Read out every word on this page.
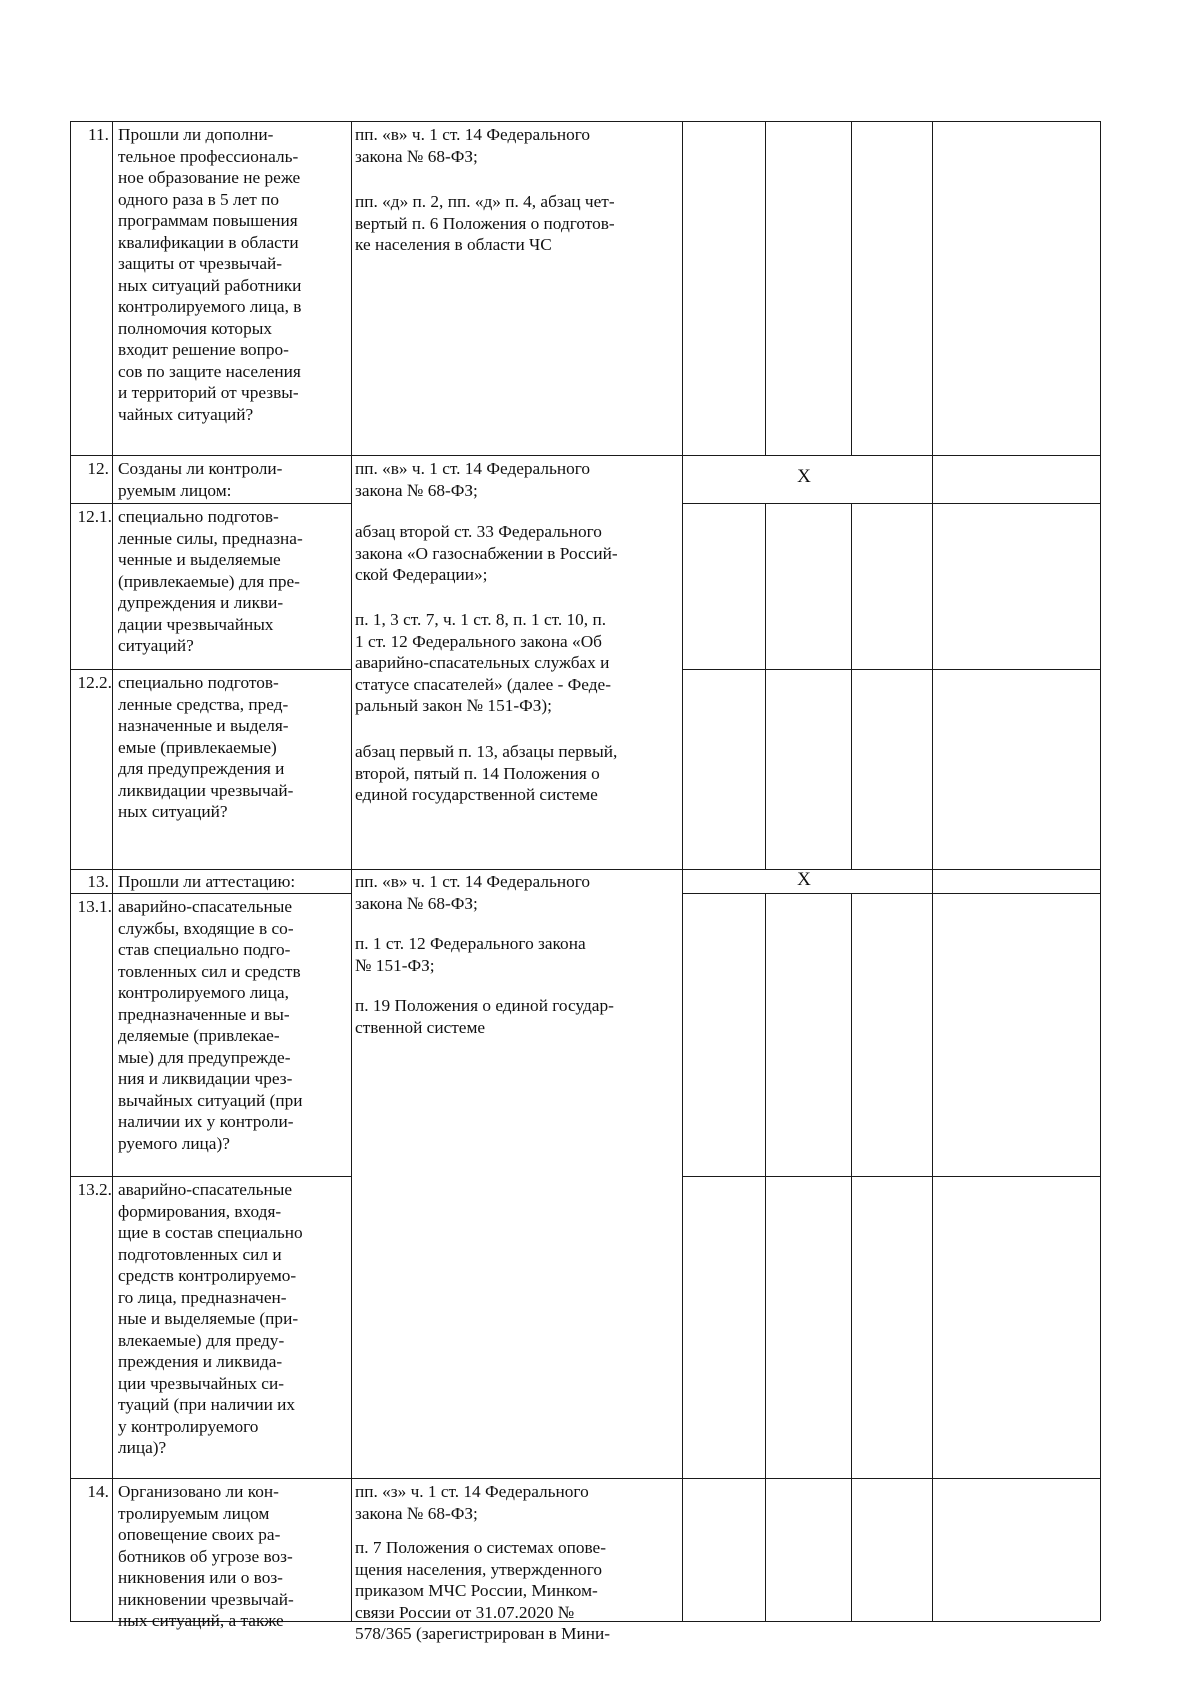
11. Прошли ли дополни-
тельное профессиональ-
ное образование не реже
одного раза в 5 лет по
программам повышения
квалификации в области
защиты от чрезвычай-
ных ситуаций работники
контролируемого лица, в
полномочия которых
входит решение вопро-
сов по защите населения
и территорий от чрезвы-
чайных ситуаций?
пп. «в» ч. 1 ст. 14 Федерального
закона № 68-ФЗ;
пп. «д» п. 2, пп. «д» п. 4, абзац чет-
вертый п. 6 Положения о подготов-
ке населения в области ЧС
12. Созданы ли контроли-
руемым лицом:
пп. «в» ч. 1 ст. 14 Федерального
закона № 68-ФЗ;
X
абзац второй ст. 33 Федерального
закона «О газоснабжении в Россий-
ской Федерации»;
п. 1, 3 ст. 7, ч. 1 ст. 8, п. 1 ст. 10, п.
1 ст. 12 Федерального закона «Об
аварийно-спасательных службах и
статусе спасателей» (далее - Феде-
ральный закон № 151-ФЗ);
абзац первый п. 13, абзацы первый,
второй, пятый п. 14 Положения о
единой государственной системе
12.1. специально подготов-
ленные силы, предназна-
ченные и выделяемые
(привлекаемые) для пре-
дупреждения и ликви-
дации чрезвычайных
ситуаций?
12.2. специально подготов-
ленные средства, пред-
назначенные и выделя-
емые (привлекаемые)
для предупреждения и
ликвидации чрезвычай-
ных ситуаций?
13. Прошли ли аттестацию:	пп. «в» ч. 1 ст. 14 Федерального
закона № 68-ФЗ;
X
п. 1 ст. 12 Федерального закона
№ 151-ФЗ;
п. 19 Положения о единой государ-
ственной системе
13.1. аварийно-спасательные
службы, входящие в со-
став специально подго-
товленных сил и средств
контролируемого лица,
предназначенные и вы-
деляемые (привлекае-
мые) для предупрежде-
ния и ликвидации чрез-
вычайных ситуаций (при
наличии их у контроли-
руемого лица)?
13.2. аварийно-спасательные
формирования, входя-
щие в состав специально
подготовленных сил и
средств контролируемо-
го лица, предназначен-
ные и выделяемые (при-
влекаемые) для преду-
преждения и ликвида-
ции чрезвычайных си-
туаций (при наличии их
у контролируемого
лица)?
14. Организовано ли кон-
тролируемым лицом
оповещение своих ра-
ботников об угрозе воз-
никновения или о воз-
никновении чрезвычай-
ных ситуаций, а также
пп. «з» ч. 1 ст. 14 Федерального
закона № 68-ФЗ;
п. 7 Положения о системах опове-
щения населения, утвержденного
приказом МЧС России, Минком-
связи России от 31.07.2020 №
578/365 (зарегистрирован в Мини-
